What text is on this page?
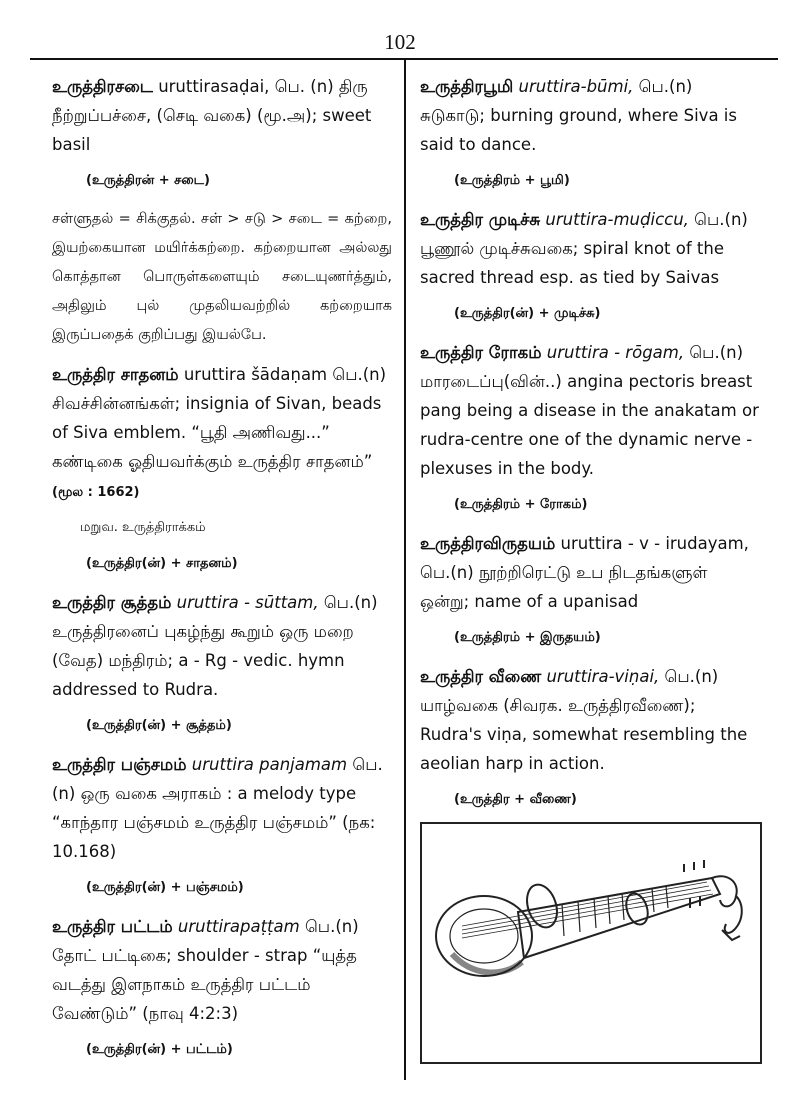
102
உருத்திரசடை uruttirasaḍai, பெ. (n) திரு நீற்றுப்பச்சை, (செடி வகை) (மூ.அ); sweet basil
(உருத்திரன் + சடை)
சள்ளுதல் = சிக்குதல். சள் > சடு > சடை = கற்றை, இயற்கையான மயிர்க்கற்றை. கற்றையான அல்லது கொத்தான பொருள்களையும் சடையுணர்த்தும், அதிலும் புல் முதலியவற்றில் கற்றையாக இருப்பதைக் குறிப்பது இயல்பே.
உருத்திர சாதனம் uruttira šādaṇam பெ.(n) சிவச்சின்னங்கள்; insignia of Sivan, beads of Siva emblem. “பூதி அணிவது...” கண்டிகை ஓதியவர்க்கும் உருத்திர சாதனம்” (மூல : 1662)
மறுவ. உருத்திராக்கம்
(உருத்திர(ன்) + சாதனம்)
உருத்திர சூத்தம் uruttira - sūttam, பெ.(n) உருத்திரனைப் புகழ்ந்து கூறும் ஒரு மறை (வேத) மந்திரம்; a - Rg - vedic. hymn addressed to Rudra.
(உருத்திர(ன்) + சூத்தம்)
உருத்திர பஞ்சமம் uruttira panjamam பெ.(n) ஒரு வகை அராகம் : a melody type “காந்தார பஞ்சமம் உருத்திர பஞ்சமம்” (நக: 10.168)
(உருத்திர(ன்) + பஞ்சமம்)
உருத்திர பட்டம் uruttirapaṭṭam பெ.(n) தோட் பட்டிகை; shoulder - strap “யுத்த வடத்து இளநாகம் உருத்திர பட்டம் வேண்டும்” (நாவு 4:2:3)
(உருத்திர(ன்) + பட்டம்)
உருத்திரபூமி uruttira-būmi, பெ.(n) சுடுகாடு; burning ground, where Siva is said to dance.
(உருத்திரம் + பூமி)
உருத்திர முடிச்சு uruttira-muḍiccu, பெ.(n) பூணூல் முடிச்சுவகை; spiral knot of the sacred thread esp. as tied by Saivas
(உருத்திர(ன்) + முடிச்சு)
உருத்திர ரோகம் uruttira - rōgam, பெ.(n) மாரடைப்பு(வின்..) angina pectoris breast pang being a disease in the anakatam or rudra-centre one of the dynamic nerve - plexuses in the body.
(உருத்திரம் + ரோகம்)
உருத்திரவிருதயம் uruttira - v - irudayam, பெ.(n) நூற்றிரெட்டு உப நிடதங்களுள் ஒன்று; name of a upanisad
(உருத்திரம் + இருதயம்)
உருத்திர வீணை uruttira-viṇai, பெ.(n) யாழ்வகை (சிவரக. உருத்திரவீணை); Rudra's viṇa, somewhat resembling the aeolian harp in action.
(உருத்திர + வீணை)
